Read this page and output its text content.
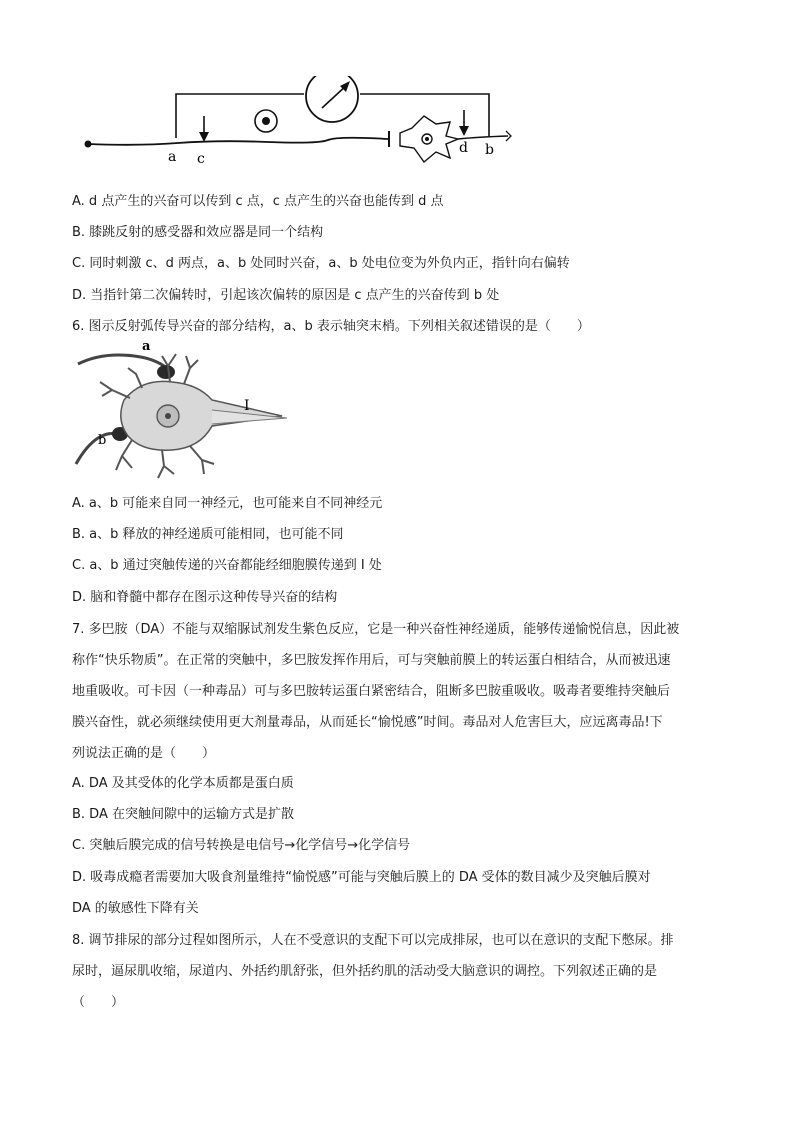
a c
d b
A. d 点产生的兴奋可以传到 c 点，c 点产生的兴奋也能传到 d 点
B. 膝跳反射的感受器和效应器是同一个结构
C. 同时刺激 c、d 两点，a、b 处同时兴奋，a、b 处电位变为外负内正，指针向右偏转
D. 当指针第二次偏转时，引起该次偏转的原因是 c 点产生的兴奋传到 b 处
6. 图示反射弧传导兴奋的部分结构，a、b 表示轴突末梢。下列相关叙述错误的是（　　）
a
b
I
A. a、b 可能来自同一神经元，也可能来自不同神经元
B. a、b 释放的神经递质可能相同，也可能不同
C. a、b 通过突触传递的兴奋都能经细胞膜传递到 I 处
D. 脑和脊髓中都存在图示这种传导兴奋的结构
7. 多巴胺（DA）不能与双缩脲试剂发生紫色反应，它是一种兴奋性神经递质，能够传递愉悦信息，因此被
称作“快乐物质”。在正常的突触中，多巴胺发挥作用后，可与突触前膜上的转运蛋白相结合，从而被迅速
地重吸收。可卡因（一种毒品）可与多巴胺转运蛋白紧密结合，阻断多巴胺重吸收。吸毒者要维持突触后
膜兴奋性，就必须继续使用更大剂量毒品，从而延长“愉悦感”时间。毒品对人危害巨大，应远离毒品!下
列说法正确的是（　　）
A. DA 及其受体的化学本质都是蛋白质
B. DA 在突触间隙中的运输方式是扩散
C. 突触后膜完成的信号转换是电信号→化学信号→化学信号
D. 吸毒成瘾者需要加大吸食剂量维持“愉悦感”可能与突触后膜上的 DA 受体的数目减少及突触后膜对
DA 的敏感性下降有关
8. 调节排尿的部分过程如图所示，人在不受意识的支配下可以完成排尿，也可以在意识的支配下憋尿。排
尿时，逼尿肌收缩，尿道内、外括约肌舒张，但外括约肌的活动受大脑意识的调控。下列叙述正确的是
（　　）
